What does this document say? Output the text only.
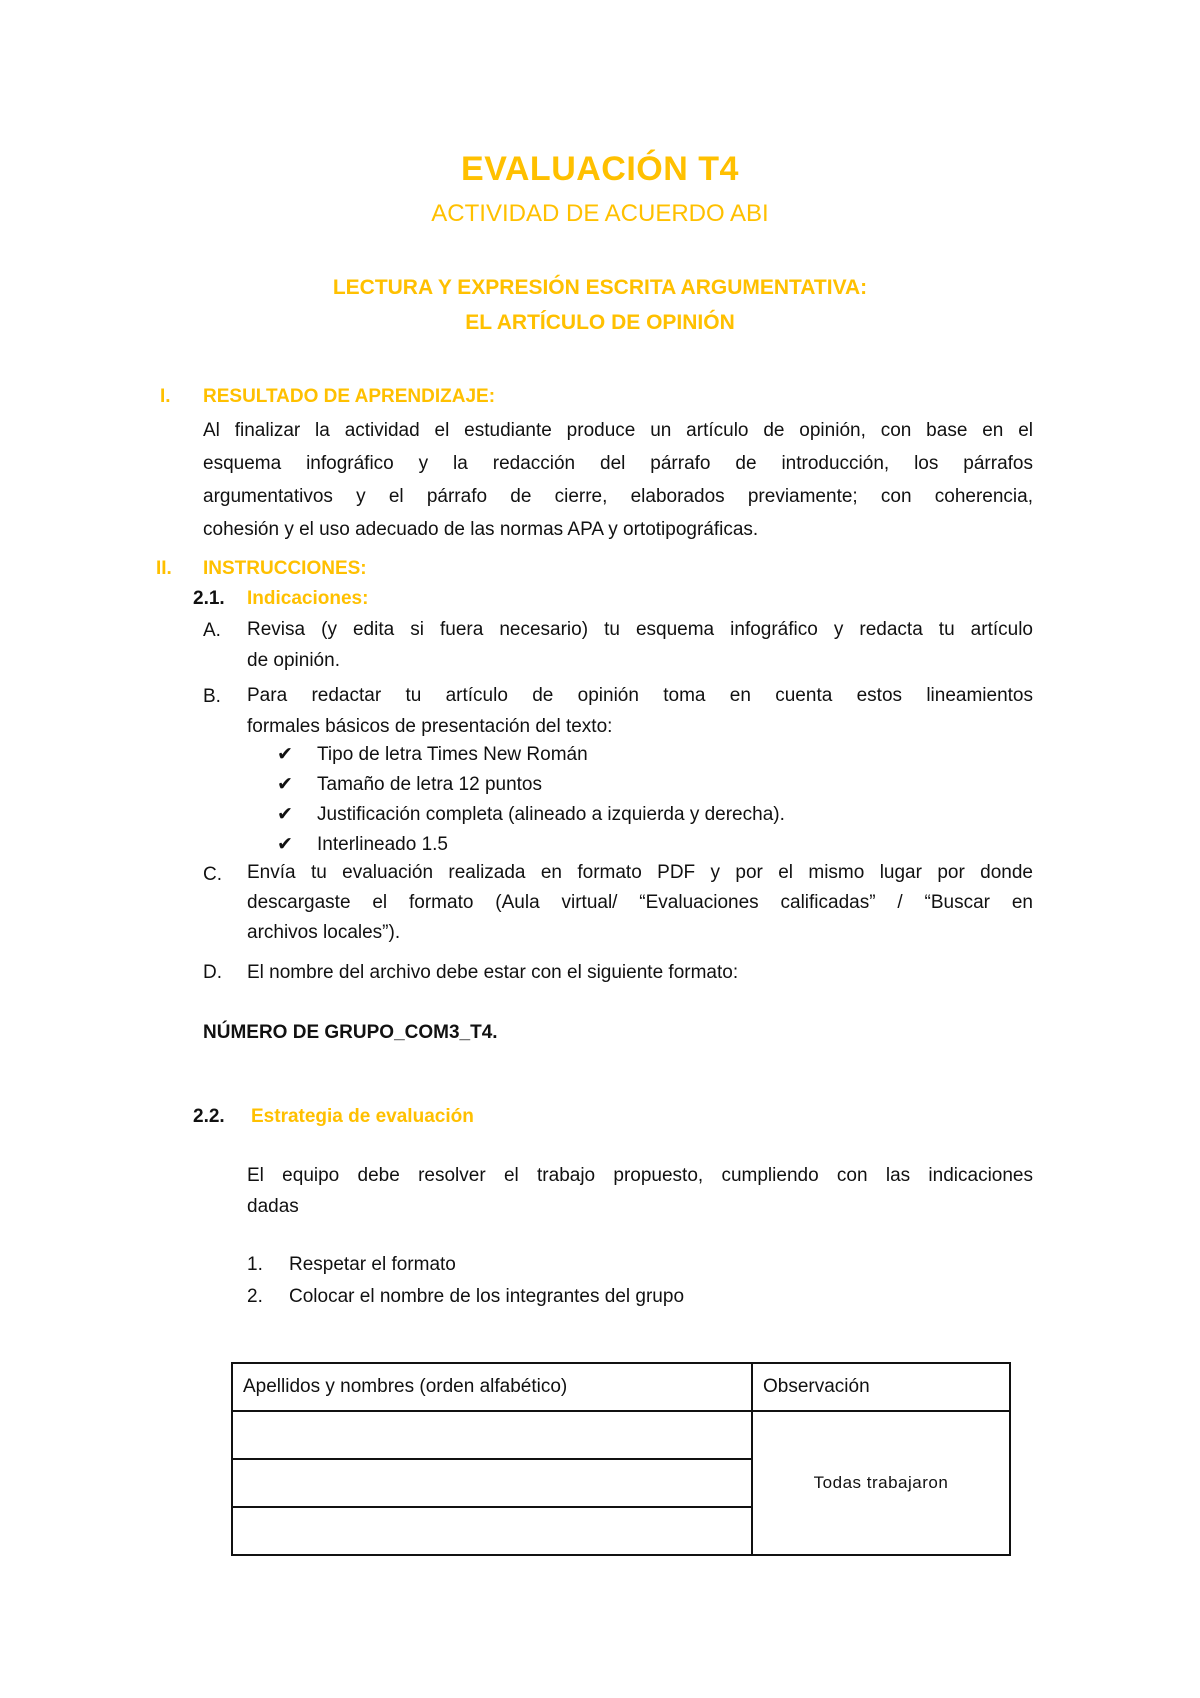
EVALUACIÓN T4
ACTIVIDAD DE ACUERDO ABI
LECTURA Y EXPRESIÓN ESCRITA ARGUMENTATIVA:
EL ARTÍCULO DE OPINIÓN
I. RESULTADO DE APRENDIZAJE:
Al finalizar la actividad el estudiante produce un artículo de opinión, con base en el
esquema infográfico y la redacción del párrafo de introducción, los párrafos
argumentativos y el párrafo de cierre, elaborados previamente; con coherencia,
cohesión y el uso adecuado de las normas APA y ortotipográficas.
II. INSTRUCCIONES:
2.1. Indicaciones:
A. Revisa (y edita si fuera necesario) tu esquema infográfico y redacta tu artículo
de opinión.
B. Para redactar tu artículo de opinión toma en cuenta estos lineamientos
formales básicos de presentación del texto:
✔ Tipo de letra Times New Román
✔ Tamaño de letra 12 puntos
✔ Justificación completa (alineado a izquierda y derecha).
✔ Interlineado 1.5
C. Envía tu evaluación realizada en formato PDF y por el mismo lugar por donde
descargaste el formato (Aula virtual/ “Evaluaciones calificadas” / “Buscar en
archivos locales”).
D. El nombre del archivo debe estar con el siguiente formato:
NÚMERO DE GRUPO_COM3_T4.
2.2. Estrategia de evaluación
El equipo debe resolver el trabajo propuesto, cumpliendo con las indicaciones
dadas
1. Respetar el formato
2. Colocar el nombre de los integrantes del grupo
Apellidos y nombres (orden alfabético)	Observación
	Todas trabajaron
